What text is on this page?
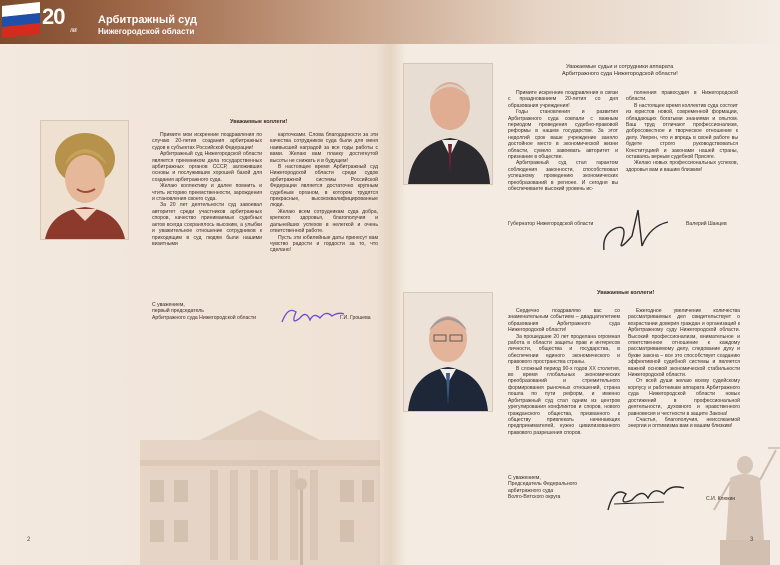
20
лет
Арбитражный суд
Нижегородской области
Уважаемые коллеги!

Примите мои искренние поздравления по случаю 20-летия создания арбитражных судов в субъектах Российской Федерации!

Арбитражный суд Нижегородской области является преемником дела государственных арбитражных органов СССР, заложивших основы и послуживших хорошей базой для создания арбитражного суда.

Желаю коллективу и далее помнить и чтить историю преемственности, зарождения и становления своего суда.

За 20 лет деятельности суд завоевал авторитет среди участников арбитражных споров, качество принимаемых судебных актов всегда сохранялось высоким, а улыбки и уважительное отношение сотрудников к приходящим в суд людям были нашими визитными

карточками. Слова благодарности за эти качества сотрудников суда были для меня наивысшей наградой за все годы работы с вами. Желаю вам планку достигнутой высоты не снижать и в будущем!

В настоящее время Арбитражный суд Нижегородской области среди судов арбитражной системы Российской Федерации является достаточно крупным судебным органом, в котором трудятся прекрасные, высококвалифицированные люди.

Желаю всем сотрудникам суда добра, крепкого здоровья, благополучия и дальнейших успехов в нелегкой и очень ответственной работе.

Пусть эти юбилейные даты принесут вам чувство радости и гордости за то, что сделано!

С уважением,
первый председатель
Арбитражного суда Нижегородской области	Г.И. Грошева
2
Уважаемые судьи и сотрудники аппарата
Арбитражного суда Нижегородской области!

Примите искренние поздравления в связи с празднованием 20-летия со дня образования учреждения!

Годы становления и развития Арбитражного суда совпали с важным периодом проведения судебно-правовой реформы в нашем государстве. За этот недолгий срок ваше учреждение заняло достойное место в экономической жизни области, сумело завоевать авторитет и признание в обществе.

Арбитражный суд стал гарантом соблюдения законности, способствовал успешному проведению экономических преобразований в регионе. И сегодня вы обеспечиваете высокий уровень ис-

полнения правосудия в Нижегородской области.

В настоящее время коллектив суда состоит из юристов новой, современной формации, обладающих богатыми знаниями и опытом. Ваш труд отличают профессионализм, добросовестное и творческое отношение к делу. Уверен, что и впредь в своей работе вы будете строго руководствоваться Конституцией и законами нашей страны, оставаясь верным судебной Присяге.

Желаю новых профессиональных успехов, здоровья вам и вашим близким!

Губернатор Нижегородской области	Валерий Шанцев
Уважаемые коллеги!

Сердечно поздравляю вас со знаменательным событием – двадцатилетием образования Арбитражного суда Нижегородской области!

За прошедшие 20 лет проделана огромная работа в области защиты прав и интересов личности, общества и государства, в обеспечении единого экономического и правового пространства страны.

В сложный период 90-х годов XX столетия, во время глобальных экономических преобразований и стремительного формирования рыночных отношений, страна пошла по пути реформ, и именно Арбитражный суд стал одним из центров урегулирования конфликтов и споров, нового гражданского общества, призванного к обществу привлекать начинающих предпринимателей, нужно цивилизованного правового разрешения споров.

Ежегодное увеличение количества рассматриваемых дел свидетельствует о возрастании доверия граждан и организаций к Арбитражному суду Нижегородской области. Высокий профессионализм, внимательное и ответственное отношение к каждому рассматриваемому делу, следование духу и букве закона – все это способствует созданию эффективной судебной системы и является важной основой экономической стабильности Нижегородской области.

От всей души желаю всему судейскому корпусу и работникам аппарата Арбитражного суда Нижегородской области новых достижений в профессиональной деятельности, духовного и нравственного равновесия и честности в защите Закона!

Счастья, благополучия, неиссякаемой энергии и оптимизма вам и вашим близким!

С уважением,
Председатель Федерального
арбитражного суда
Волго-Вятского округа	С.И. Клюкин
3
